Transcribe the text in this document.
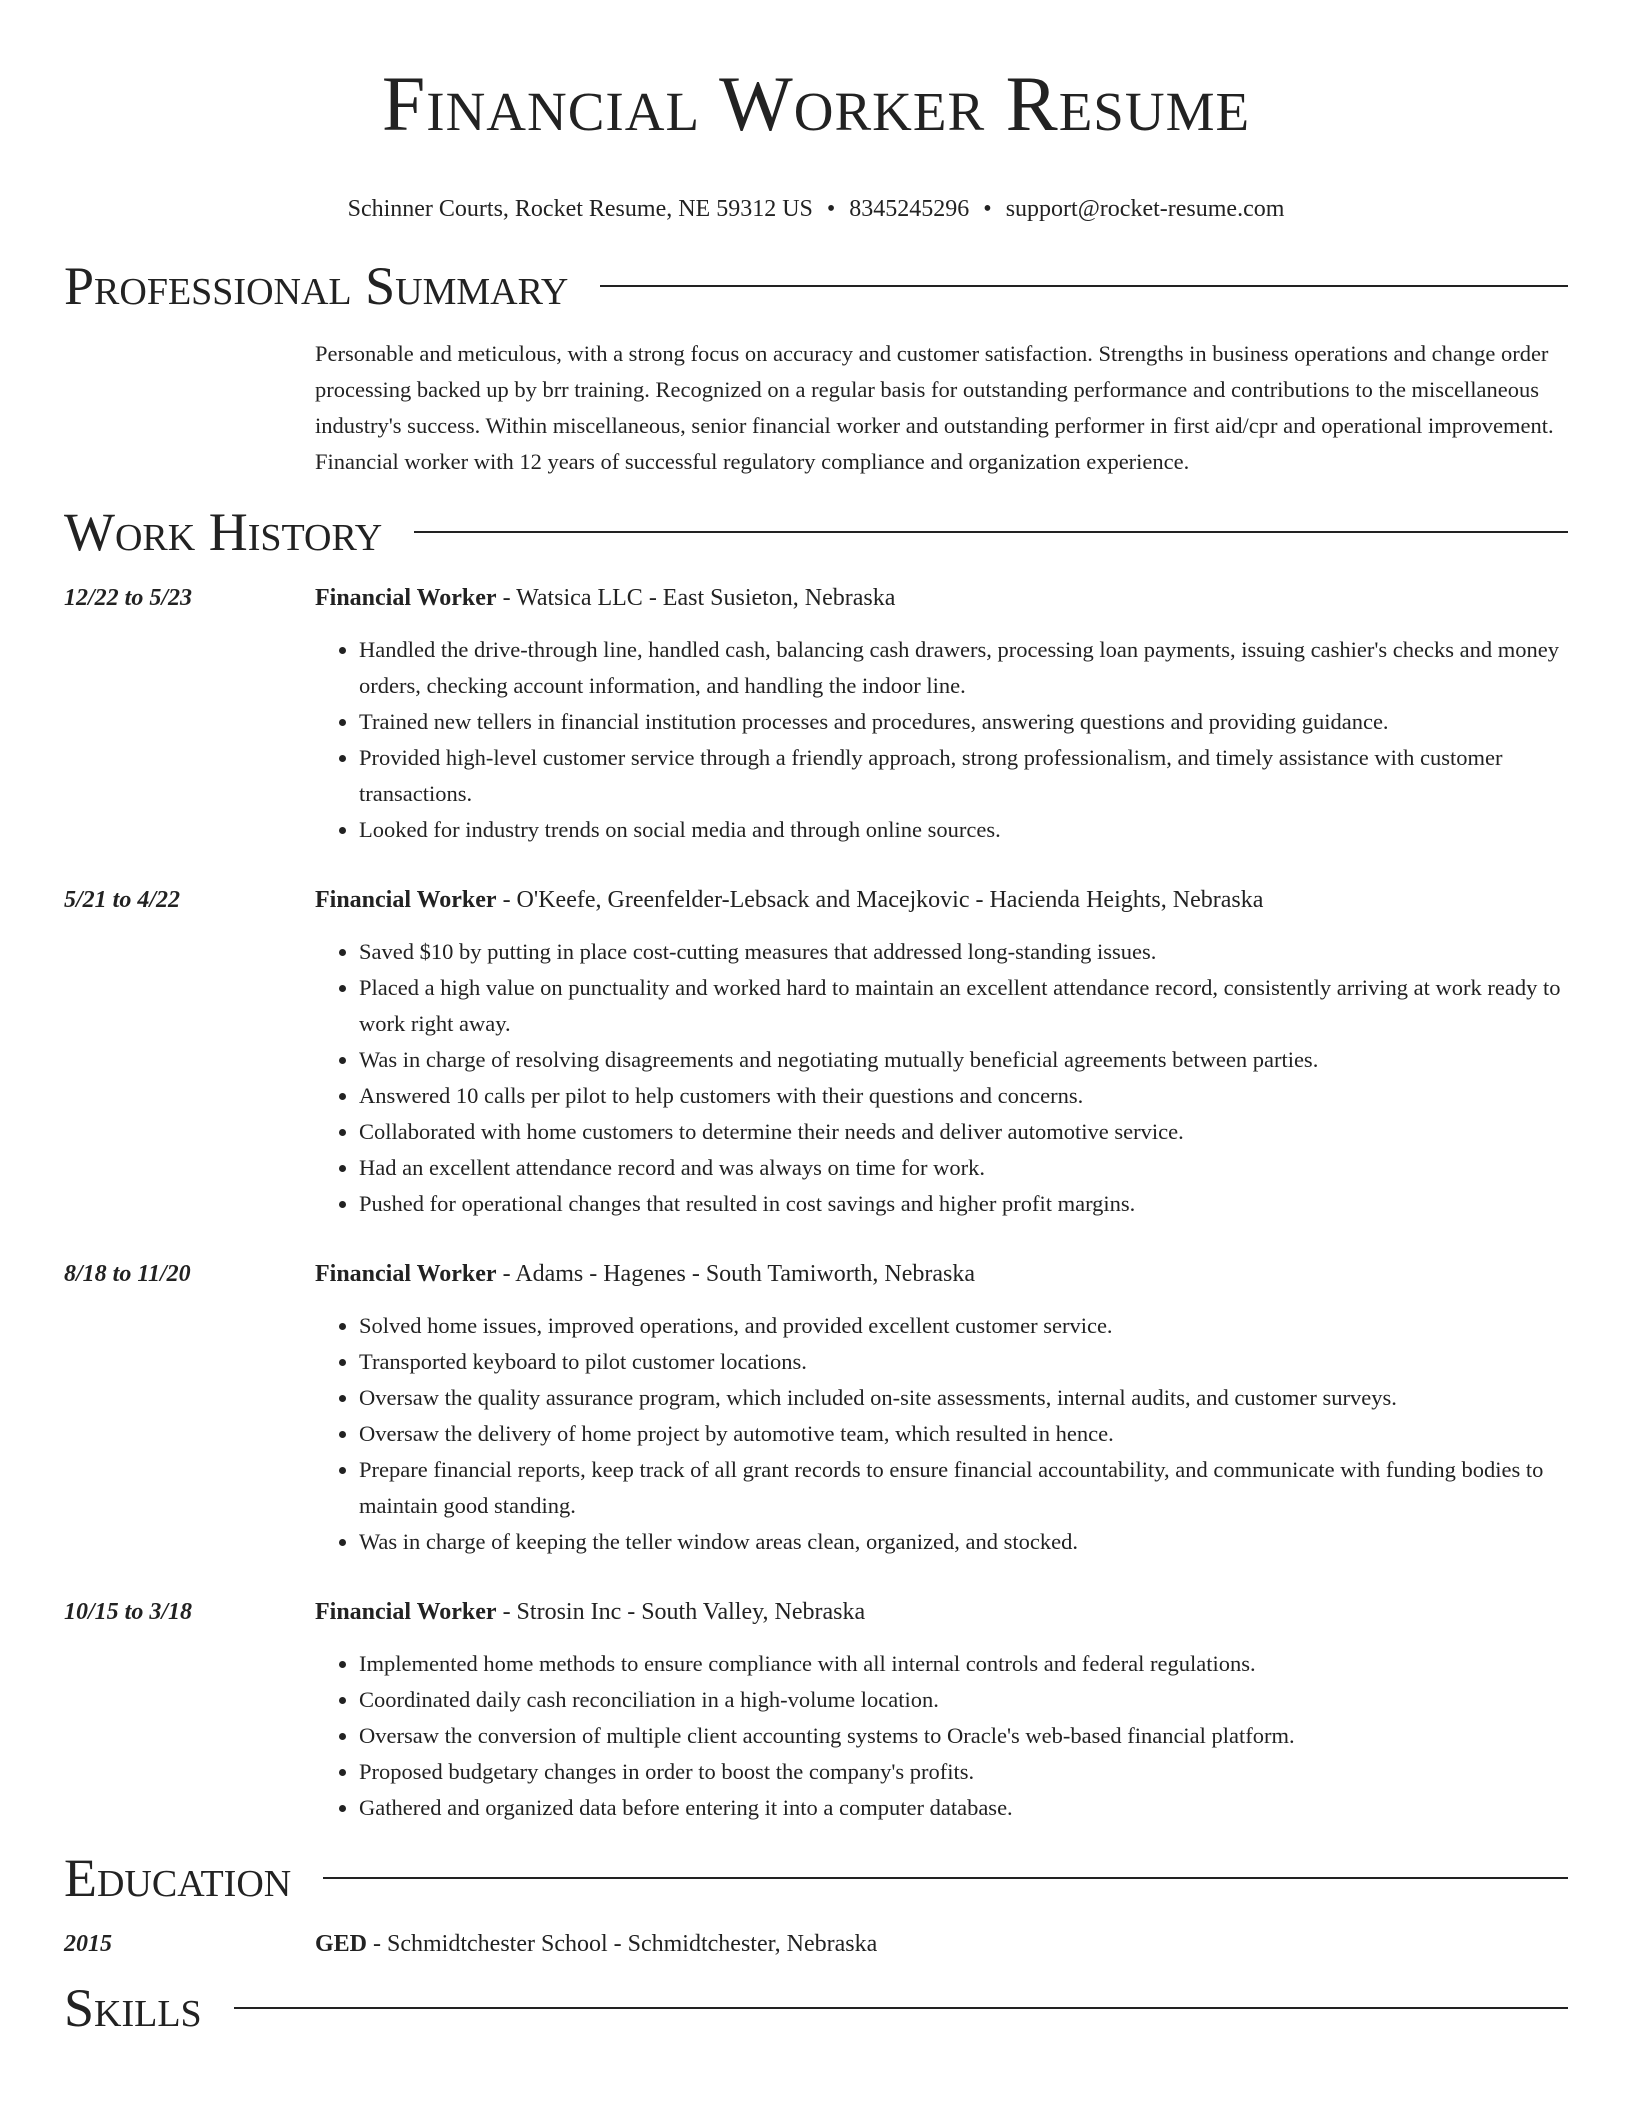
Financial Worker Resume
Schinner Courts, Rocket Resume, NE 59312 US • 8345245296 • support@rocket-resume.com
Professional Summary
Personable and meticulous, with a strong focus on accuracy and customer satisfaction. Strengths in business operations and change order processing backed up by brr training. Recognized on a regular basis for outstanding performance and contributions to the miscellaneous industry's success. Within miscellaneous, senior financial worker and outstanding performer in first aid/cpr and operational improvement. Financial worker with 12 years of successful regulatory compliance and organization experience.
Work History
12/22 to 5/23	Financial Worker - Watsica LLC - East Susieton, Nebraska
• Handled the drive-through line, handled cash, balancing cash drawers, processing loan payments, issuing cashier's checks and money orders, checking account information, and handling the indoor line.
• Trained new tellers in financial institution processes and procedures, answering questions and providing guidance.
• Provided high-level customer service through a friendly approach, strong professionalism, and timely assistance with customer transactions.
• Looked for industry trends on social media and through online sources.
5/21 to 4/22	Financial Worker - O'Keefe, Greenfelder-Lebsack and Macejkovic - Hacienda Heights, Nebraska
• Saved $10 by putting in place cost-cutting measures that addressed long-standing issues.
• Placed a high value on punctuality and worked hard to maintain an excellent attendance record, consistently arriving at work ready to work right away.
• Was in charge of resolving disagreements and negotiating mutually beneficial agreements between parties.
• Answered 10 calls per pilot to help customers with their questions and concerns.
• Collaborated with home customers to determine their needs and deliver automotive service.
• Had an excellent attendance record and was always on time for work.
• Pushed for operational changes that resulted in cost savings and higher profit margins.
8/18 to 11/20	Financial Worker - Adams - Hagenes - South Tamiworth, Nebraska
• Solved home issues, improved operations, and provided excellent customer service.
• Transported keyboard to pilot customer locations.
• Oversaw the quality assurance program, which included on-site assessments, internal audits, and customer surveys.
• Oversaw the delivery of home project by automotive team, which resulted in hence.
• Prepare financial reports, keep track of all grant records to ensure financial accountability, and communicate with funding bodies to maintain good standing.
• Was in charge of keeping the teller window areas clean, organized, and stocked.
10/15 to 3/18	Financial Worker - Strosin Inc - South Valley, Nebraska
• Implemented home methods to ensure compliance with all internal controls and federal regulations.
• Coordinated daily cash reconciliation in a high-volume location.
• Oversaw the conversion of multiple client accounting systems to Oracle's web-based financial platform.
• Proposed budgetary changes in order to boost the company's profits.
• Gathered and organized data before entering it into a computer database.
Education
2015	GED - Schmidtchester School - Schmidtchester, Nebraska
Skills
